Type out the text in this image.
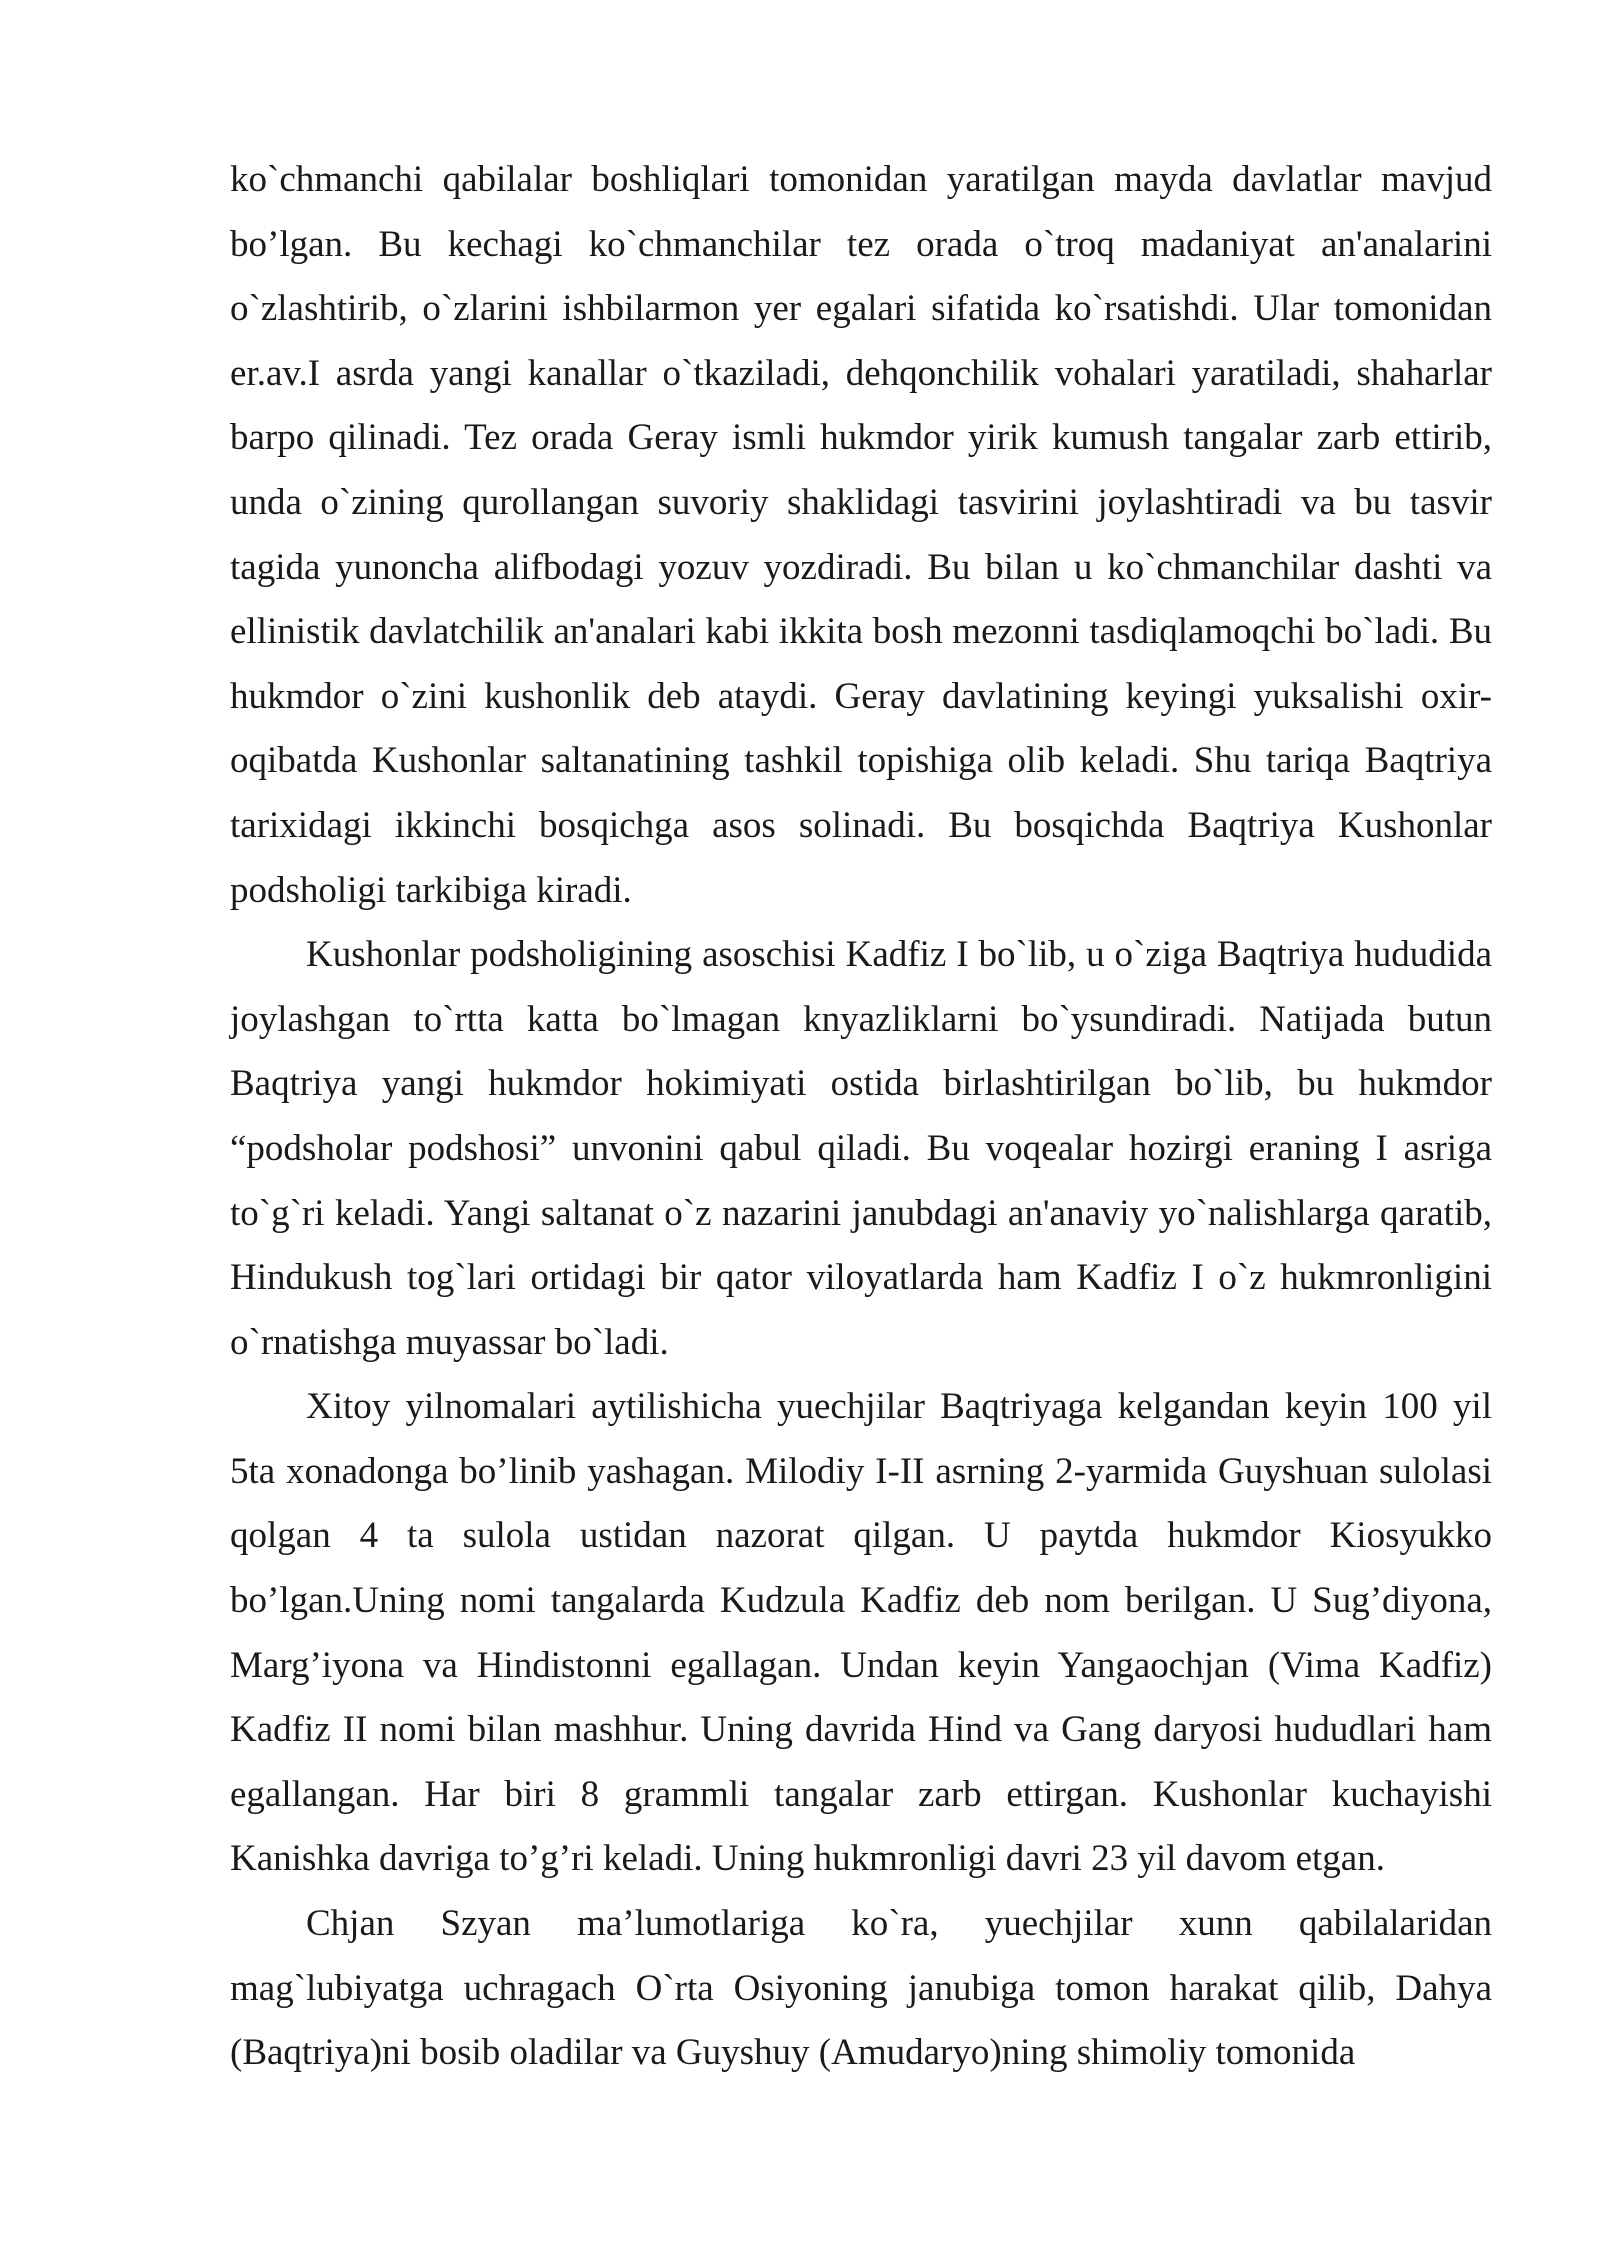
ko`chmanchi qabilalar boshliqlari tomonidan yaratilgan mayda davlatlar mavjud bo’lgan. Bu kechagi ko`chmanchilar tez orada o`troq madaniyat an'analarini o`zlashtirib, o`zlarini ishbilarmon yer egalari sifatida ko`rsatishdi. Ular tomonidan er.av.I asrda yangi kanallar o`tkaziladi, dehqonchilik vohalari yaratiladi, shaharlar barpo qilinadi. Tez orada Geray ismli hukmdor yirik kumush tangalar zarb ettirib, unda o`zining qurollangan suvoriy shaklidagi tasvirini joylashtiradi va bu tasvir tagida yunoncha alifbodagi yozuv yozdiradi. Bu bilan u ko`chmanchilar dashti va ellinistik davlatchilik an'analari kabi ikkita bosh mezonni tasdiqlamoqchi bo`ladi. Bu hukmdor o`zini kushonlik deb ataydi. Geray davlatining keyingi yuksalishi oxir-oqibatda Kushonlar saltanatining tashkil topishiga olib keladi. Shu tariqa Baqtriya tarixidagi ikkinchi bosqichga asos solinadi. Bu bosqichda Baqtriya Kushonlar podsholigi tarkibiga kiradi.

Kushonlar podsholigining asoschisi Kadfiz I bo`lib, u o`ziga Baqtriya hududida joylashgan to`rtta katta bo`lmagan knyazliklarni bo`ysundiradi. Natijada butun Baqtriya yangi hukmdor hokimiyati ostida birlashtirilgan bo`lib, bu hukmdor “podsholar podshosi” unvonini qabul qiladi. Bu voqealar hozirgi eraning I asriga to`g`ri keladi. Yangi saltanat o`z nazarini janubdagi an'anaviy yo`nalishlarga qaratib, Hindukush tog`lari ortidagi bir qator viloyatlarda ham Kadfiz I o`z hukmronligini o`rnatishga muyassar bo`ladi.

Xitoy yilnomalari aytilishicha yuechjilar Baqtriyaga kelgandan keyin 100 yil 5ta xonadonga bo’linib yashagan. Milodiy I-II asrning 2-yarmida Guyshuan sulolasi qolgan 4 ta sulola ustidan nazorat qilgan. U paytda hukmdor Kiosyukko bo’lgan.Uning nomi tangalarda Kudzula Kadfiz deb nom berilgan. U Sug’diyona, Marg’iyona va Hindistonni egallagan. Undan keyin Yangaochjan (Vima Kadfiz) Kadfiz II nomi bilan mashhur. Uning davrida Hind va Gang daryosi hududlari ham egallangan. Har biri 8 grammli tangalar zarb ettirgan. Kushonlar kuchayishi Kanishka davriga to’g’ri keladi. Uning hukmronligi davri 23 yil davom etgan.

Chjan Szyan ma’lumotlariga ko`ra, yuechjilar xunn qabilalaridan mag`lubiyatga uchragach O`rta Osiyoning janubiga tomon harakat qilib, Dahya (Baqtriya)ni bosib oladilar va Guyshuy (Amudaryo)ning shimoliy tomonida
